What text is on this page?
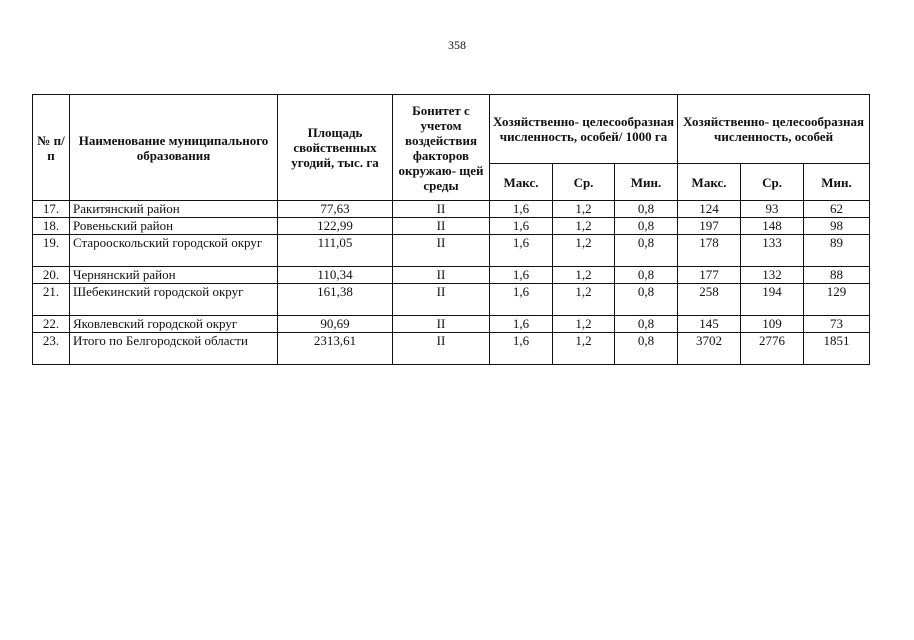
358
№ п/п	Наименование муниципального образования	Площадь свойственных угодий, тыс. га	Бонитет с учетом воздействия факторов окружаю- щей среды	Хозяйственно- целесообразная численность, особей/ 1000 га			Хозяйственно- целесообразная численность, особей		
				Макс.	Ср.	Мин.	Макс.	Ср.	Мин.
17.	Ракитянский район	77,63	II	1,6	1,2	0,8	124	93	62
18.	Ровеньский район	122,99	II	1,6	1,2	0,8	197	148	98
19.	Старооскольский городской округ	111,05	II	1,6	1,2	0,8	178	133	89
20.	Чернянский район	110,34	II	1,6	1,2	0,8	177	132	88
21.	Шебекинский городской округ	161,38	II	1,6	1,2	0,8	258	194	129
22.	Яковлевский городской округ	90,69	II	1,6	1,2	0,8	145	109	73
23.	Итого по Белгородской области	2313,61	II	1,6	1,2	0,8	3702	2776	1851
